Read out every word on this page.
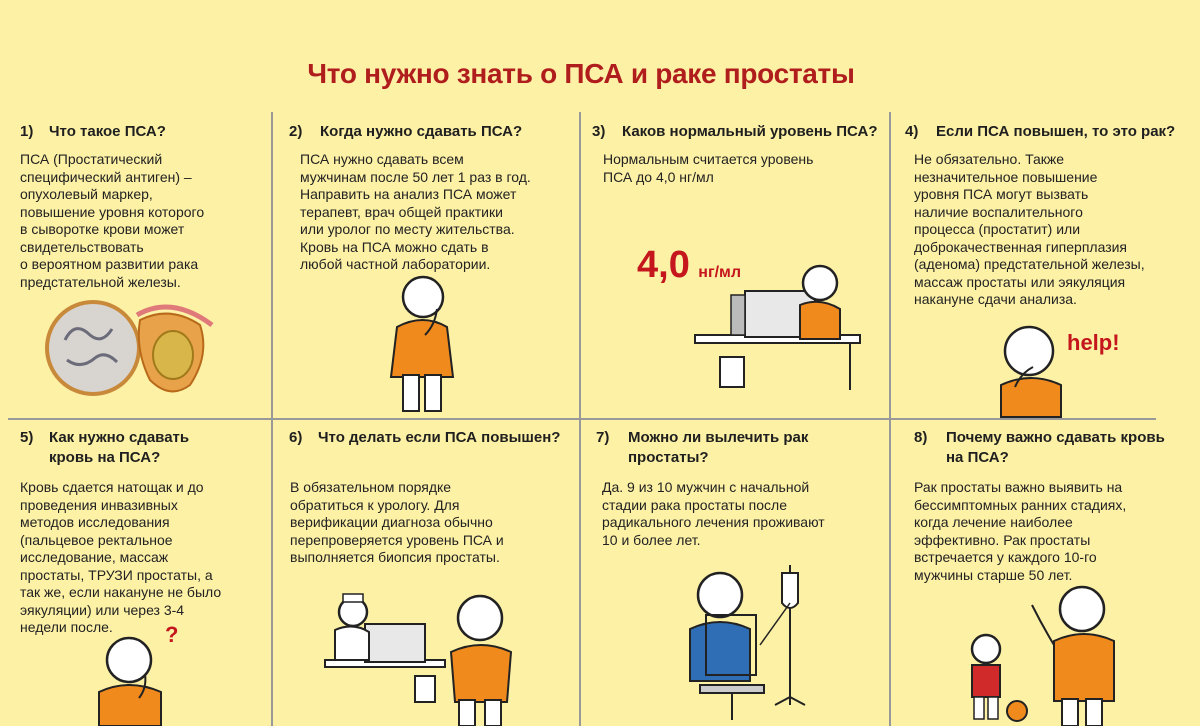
Что нужно знать о ПСА и раке простаты
1) Что такое ПСА?
ПСА (Простатический
специфический антиген) –
опухолевый маркер,
повышение уровня которого
в сыворотке крови может
свидетельствовать
о вероятном развитии рака
предстательной железы.
2) Когда нужно сдавать ПСА?
ПСА нужно сдавать всем
мужчинам после 50 лет 1 раз в год.
Направить на анализ ПСА может
терапевт, врач общей практики
или уролог по месту жительства.
Кровь на ПСА можно сдать в
любой частной лаборатории.
3) Каков нормальный уровень ПСА?
Нормальным считается уровень
ПСА до 4,0 нг/мл
4,0 нг/мл
4) Если ПСА повышен, то это рак?
Не обязательно. Также
незначительное повышение
уровня ПСА могут вызвать
наличие воспалительного
процесса (простатит) или
доброкачественная гиперплазия
(аденома) предстательной железы,
массаж простаты или эякуляция
накануне сдачи анализа.
help!
5) Как нужно сдавать
кровь на ПСА?
Кровь сдается натощак и до
проведения инвазивных
методов исследования
(пальцевое ректальное
исследование, массаж
простаты, ТРУЗИ простаты, а
так же, если накануне не было
эякуляции) или через 3-4
недели после.	?
6) Что делать если ПСА повышен?
В обязательном порядке
обратиться к урологу. Для
верификации диагноза обычно
перепроверяется уровень ПСА и
выполняется биопсия простаты.
7) Можно ли вылечить рак
простаты?
Да. 9 из 10 мужчин с начальной
стадии рака простаты после
радикального лечения проживают
10 и более лет.
8) Почему важно сдавать кровь
на ПСА?
Рак простаты важно выявить на
бессимптомных ранних стадиях,
когда лечение наиболее
эффективно. Рак простаты
встречается у каждого 10-го
мужчины старше 50 лет.
